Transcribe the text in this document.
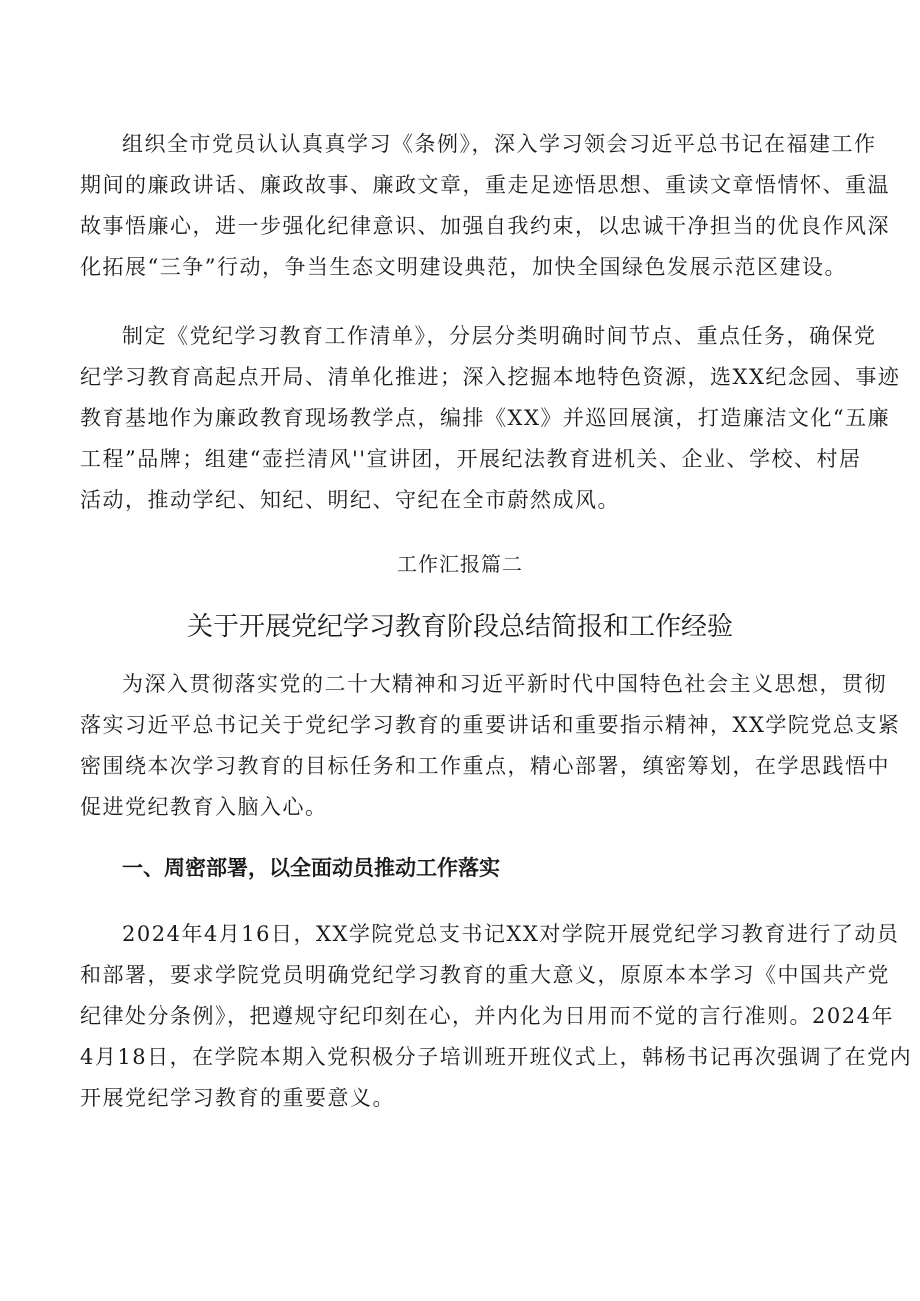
组织全市党员认认真真学习《条例》，深入学习领会习近平总书记在福建工作
期间的廉政讲话、廉政故事、廉政文章，重走足迹悟思想、重读文章悟情怀、重温
故事悟廉心，进一步强化纪律意识、加强自我约束，以忠诚干净担当的优良作风深
化拓展“三争”行动，争当生态文明建设典范，加快全国绿色发展示范区建设。
制定《党纪学习教育工作清单》，分层分类明确时间节点、重点任务，确保党
纪学习教育高起点开局、清单化推进；深入挖掘本地特色资源，选XX纪念园、事迹
教育基地作为廉政教育现场教学点，编排《XX》并巡回展演，打造廉洁文化“五廉
工程”品牌；组建“壶拦清风''宣讲团，开展纪法教育进机关、企业、学校、村居
活动，推动学纪、知纪、明纪、守纪在全市蔚然成风。

工作汇报篇二

关于开展党纪学习教育阶段总结简报和工作经验
为深入贯彻落实党的二十大精神和习近平新时代中国特色社会主义思想，贯彻
落实习近平总书记关于党纪学习教育的重要讲话和重要指示精神，XX学院党总支紧
密围绕本次学习教育的目标任务和工作重点，精心部署，缜密筹划，在学思践悟中
促进党纪教育入脑入心。
一、周密部署，以全面动员推动工作落实
2024年4月16日，XX学院党总支书记XX对学院开展党纪学习教育进行了动员
和部署，要求学院党员明确党纪学习教育的重大意义，原原本本学习《中国共产党
纪律处分条例》，把遵规守纪印刻在心，并内化为日用而不觉的言行准则。2024年
4月18日，在学院本期入党积极分子培训班开班仪式上，韩杨书记再次强调了在党内
开展党纪学习教育的重要意义。
